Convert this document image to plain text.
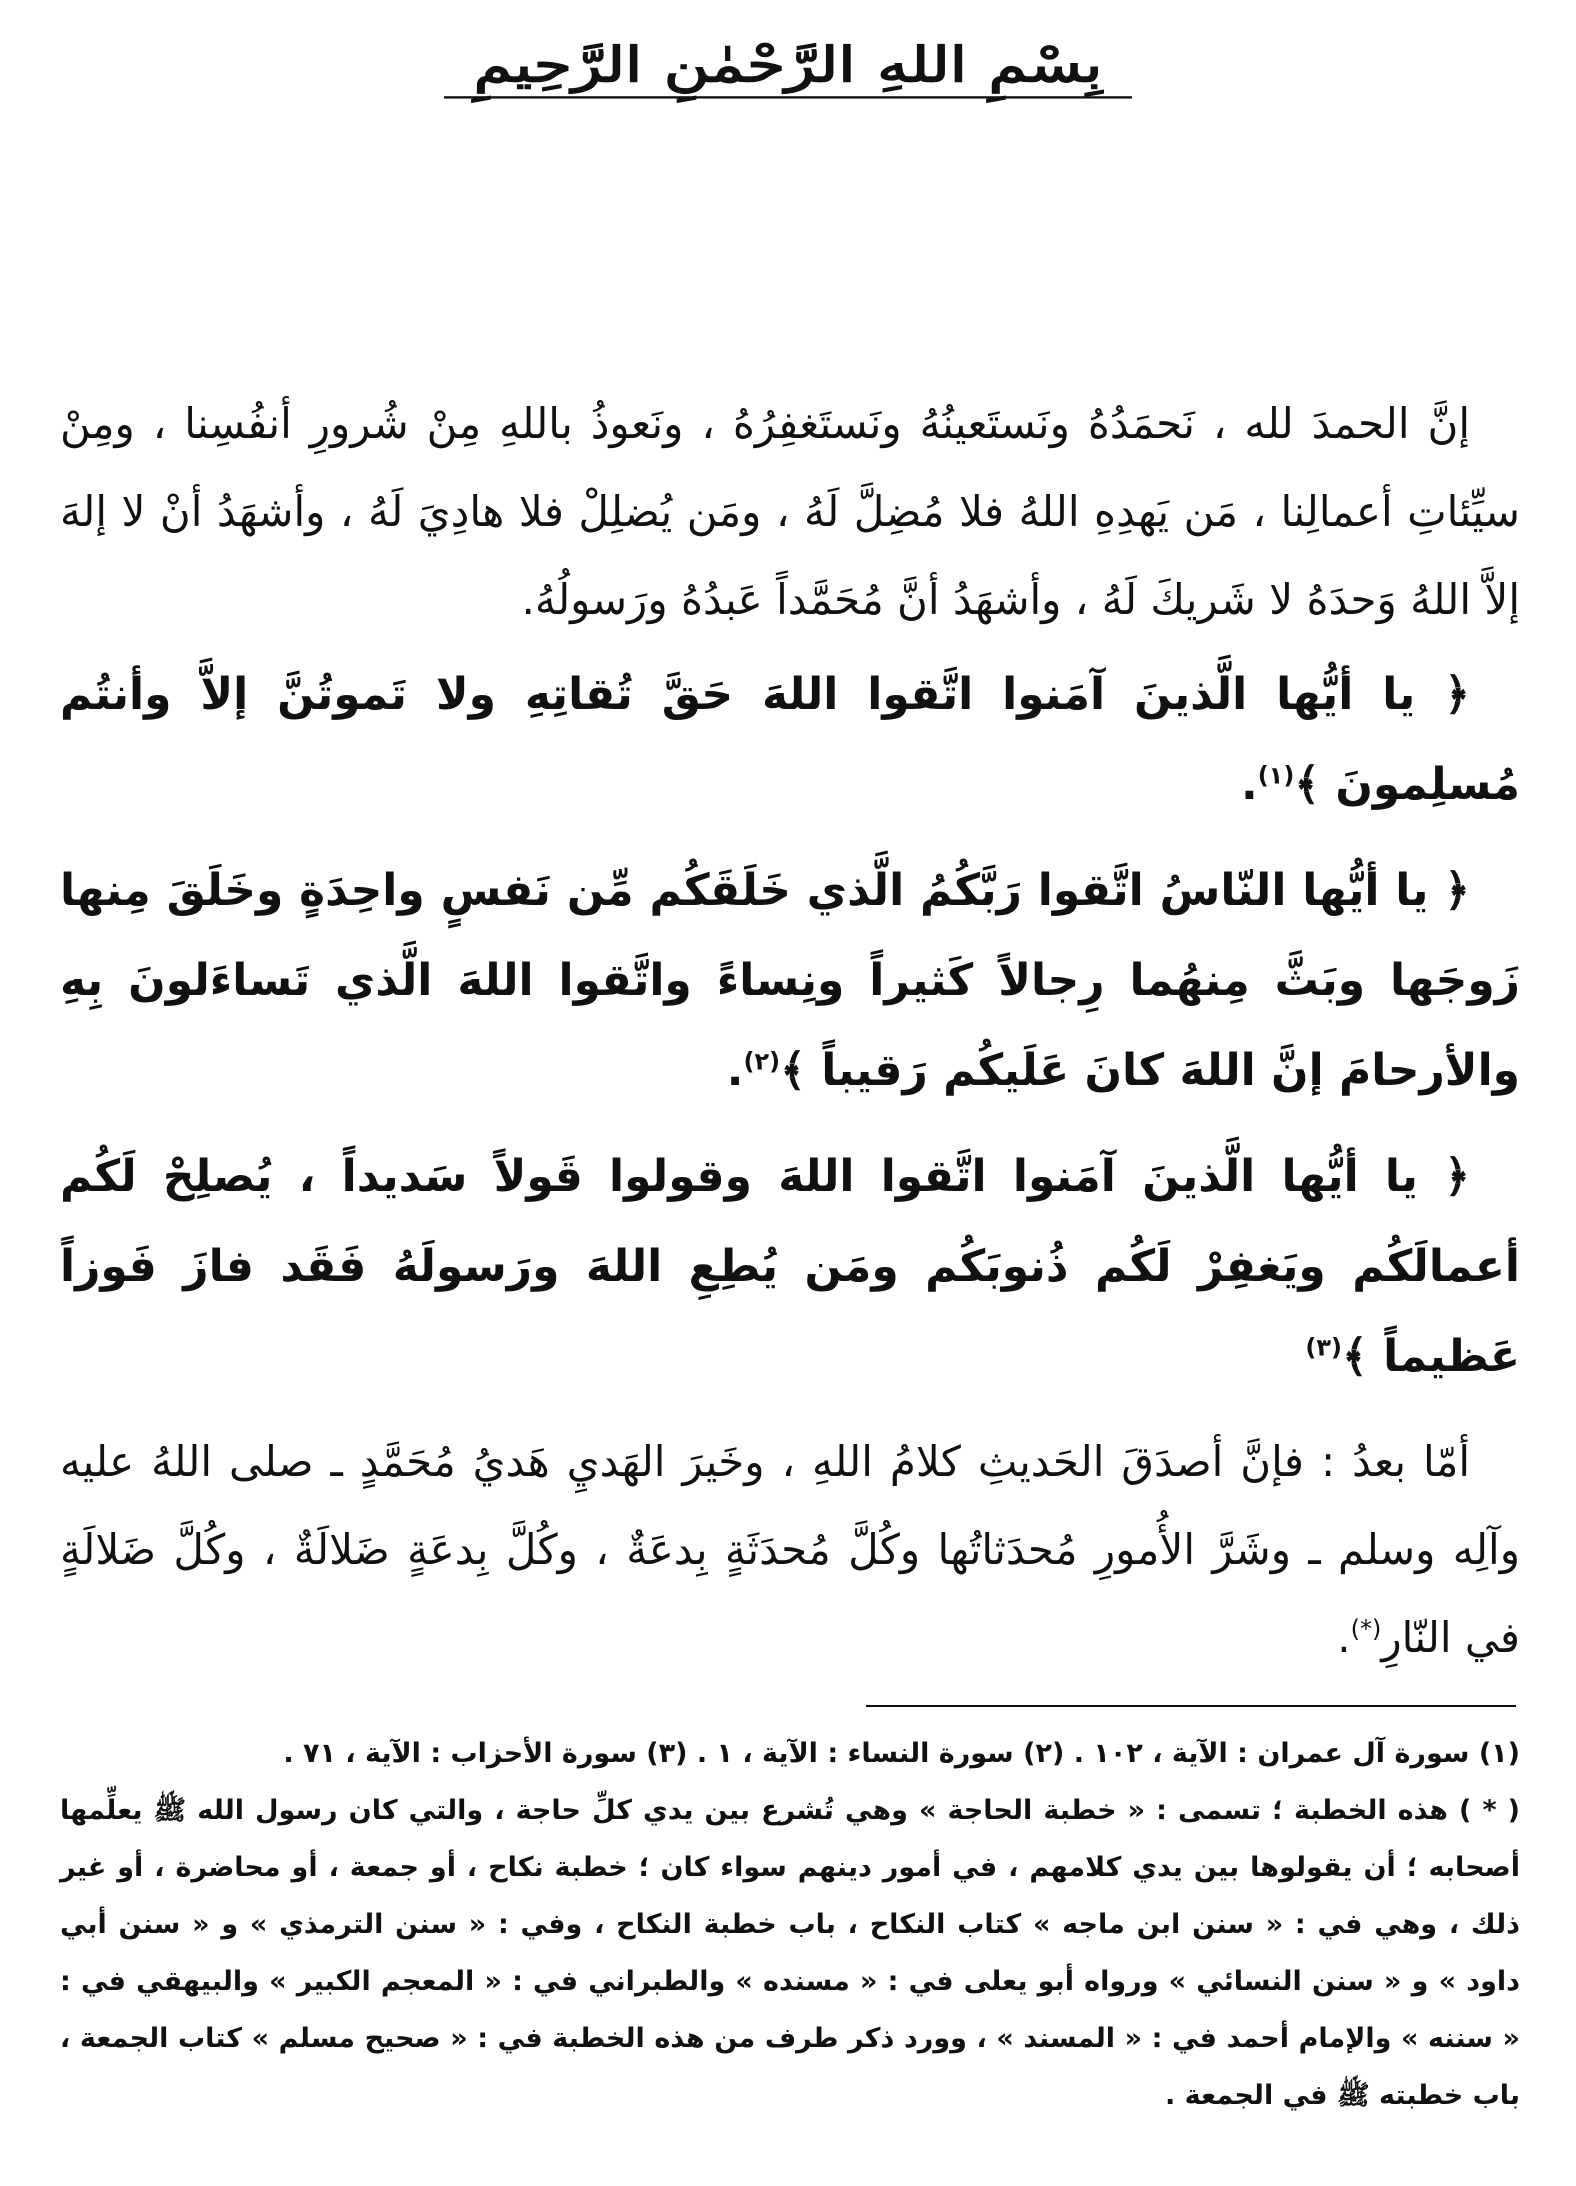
بِسْمِ اللهِ الرَّحْمٰنِ الرَّحِيمِ

إنَّ الحمدَ لله ، نَحمَدُهُ ونَستَعينُهُ ونَستَغفِرُهُ ، ونَعوذُ باللهِ مِنْ شُرورِ أنفُسِنا ، ومِنْ سيِّئاتِ أعمالِنا ، مَن يَهدِهِ اللهُ فلا مُضِلَّ لَهُ ، ومَن يُضلِلْ فلا هادِيَ لَهُ ، وأشهَدُ أنْ لا إلهَ إلاَّ اللهُ وَحدَهُ لا شَريكَ لَهُ ، وأشهَدُ أنَّ مُحَمَّداً عَبدُهُ ورَسولُهُ.

﴿ يا أيُّها الَّذينَ آمَنوا اتَّقوا اللهَ حَقَّ تُقاتِهِ ولا تَموتُنَّ إلاَّ وأنتُم مُسلِمونَ ﴾$^{(١)}$.

﴿ يا أيُّها النّاسُ اتَّقوا رَبَّكُمُ الَّذي خَلَقَكُم مِّن نَفسٍ واحِدَةٍ وخَلَقَ مِنها زَوجَها وبَثَّ مِنهُما رِجالاً كَثيراً ونِساءً واتَّقوا اللهَ الَّذي تَساءَلونَ بِهِ والأرحامَ إنَّ اللهَ كانَ عَلَيكُم رَقيباً ﴾$^{(٢)}$.

﴿ يا أيُّها الَّذينَ آمَنوا اتَّقوا اللهَ وقولوا قَولاً سَديداً ، يُصلِحْ لَكُم أعمالَكُم ويَغفِرْ لَكُم ذُنوبَكُم ومَن يُطِعِ اللهَ ورَسولَهُ فَقَد فازَ فَوزاً عَظيماً ﴾$^{(٣)}$

أمّا بعدُ : فإنَّ أصدَقَ الحَديثِ كلامُ اللهِ ، وخَيرَ الهَديِ هَديُ مُحَمَّدٍ ـ صلى اللهُ عليه وآلِه وسلم ـ وشَرَّ الأُمورِ مُحدَثاتُها وكُلَّ مُحدَثَةٍ بِدعَةٌ ، وكُلَّ بِدعَةٍ ضَلالَةٌ ، وكُلَّ ضَلالَةٍ في النّارِ(*).

(١) سورة آل عمران : الآية ، ١٠٢ . (٢) سورة النساء : الآية ، ١ . (٣) سورة الأحزاب : الآية ، ٧١ .

( * ) هذه الخطبة ؛ تسمى : « خطبة الحاجة » وهي تُشرع بين يدي كلِّ حاجة ، والتي كان رسول الله ﷺ يعلِّمها أصحابه ؛ أن يقولوها بين يدي كلامهم ، في أمور دينهم سواء كان ؛ خطبة نكاح ، أو جمعة ، أو محاضرة ، أو غير ذلك ، وهي في : « سنن ابن ماجه » كتاب النكاح ، باب خطبة النكاح ، وفي : « سنن الترمذي » و « سنن أبي داود » و « سنن النسائي » ورواه أبو يعلى في : « مسنده » والطبراني في : « المعجم الكبير » والبيهقي في : « سننه » والإمام أحمد في : « المسند » ، وورد ذكر طرف من هذه الخطبة في : « صحيح مسلم » كتاب الجمعة ، باب خطبته ﷺ في الجمعة .
